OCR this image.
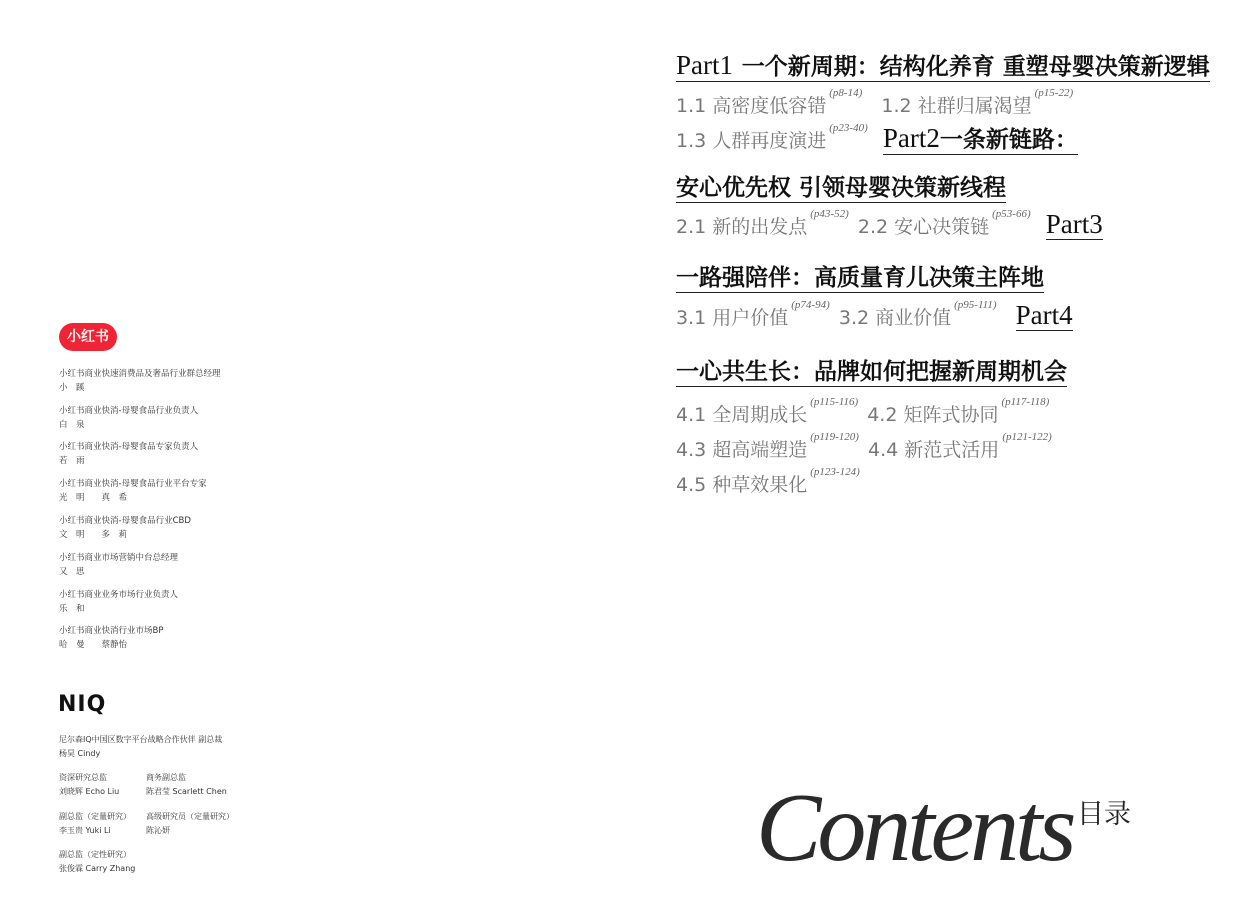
小红书
小红书商业快速消费品及奢品行业群总经理
小　蹊
小红书商业快消-母婴食品行业负责人
白　泉
小红书商业快消-母婴食品专家负责人
若　雨
小红书商业快消-母婴食品行业平台专家
光　明　　真　希
小红书商业快消-母婴食品行业CBD
文　明　　多　莉
小红书商业市场营销中台总经理
又　思
小红书商业业务市场行业负责人
乐　和
小红书商业快消行业市场BP
哈　曼　　蔡静怡
NIQ
尼尔森IQ中国区数字平台战略合作伙伴 副总裁
杨昊 Cindy
资深研究总监
刘晓辉 Echo Liu
商务副总监
陈君莹 Scarlett Chen
副总监（定量研究）
李玉贵 Yuki Li
高级研究员（定量研究）
陈沁妍
副总监（定性研究）
张俊霖 Carry Zhang
Part1 一个新周期：结构化养育 重塑母婴决策新逻辑
1.1 高密度低容错$^{(p8-14)}$ 1.2 社群归属渴望$^{(p15-22)}$
1.3 人群再度演进$^{(p23-40)}$ Part2一条新链路：
安心优先权 引领母婴决策新线程
2.1 新的出发点$^{(p43-52)}$ 2.2 安心决策链$^{(p53-66)}$ Part3
一路强陪伴：高质量育儿决策主阵地
3.1 用户价值$^{(p74-94)}$ 3.2 商业价值$^{(p95-111)}$ Part4
一心共生长：品牌如何把握新周期机会
4.1 全周期成长$^{(p115-116)}$ 4.2 矩阵式协同$^{(p117-118)}$
4.3 超高端塑造$^{(p119-120)}$ 4.4 新范式活用$^{(p121-122)}$
4.5 种草效果化$^{(p123-124)}$
Contents 目录
